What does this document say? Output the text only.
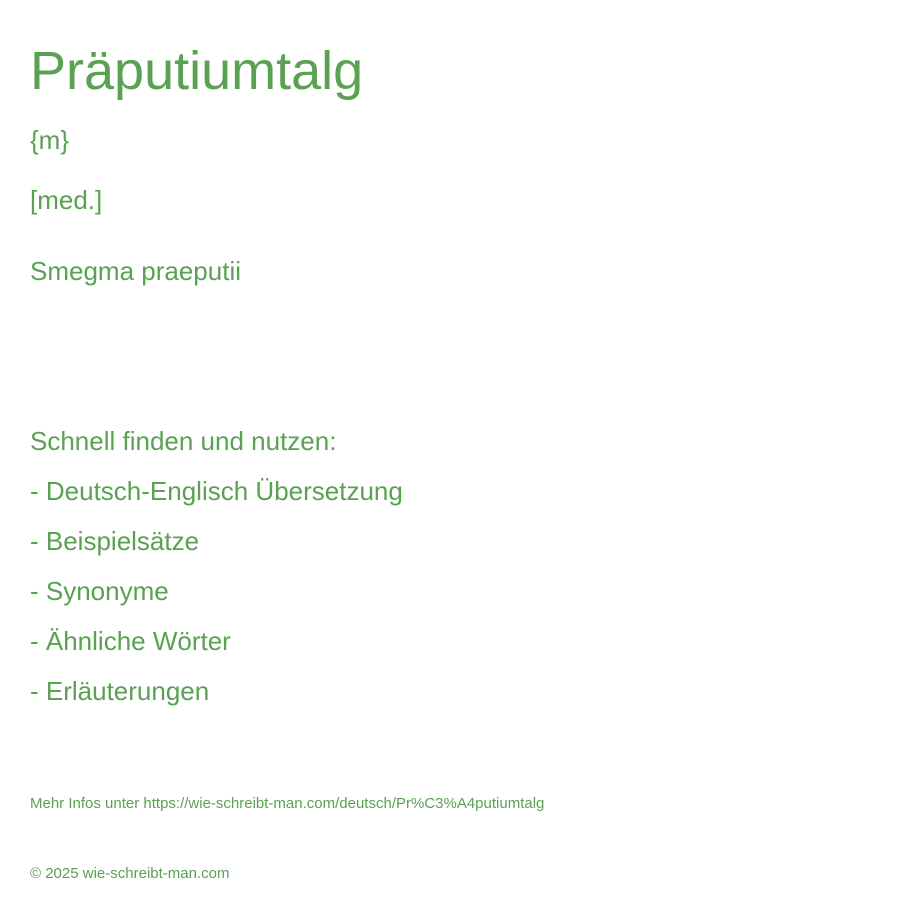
Präputiumtalg
{m}
[med.]
Smegma praeputii
Schnell finden und nutzen:
- Deutsch-Englisch Übersetzung
- Beispielsätze
- Synonyme
- Ähnliche Wörter
- Erläuterungen
Mehr Infos unter https://wie-schreibt-man.com/deutsch/Pr%C3%A4putiumtalg
© 2025 wie-schreibt-man.com
